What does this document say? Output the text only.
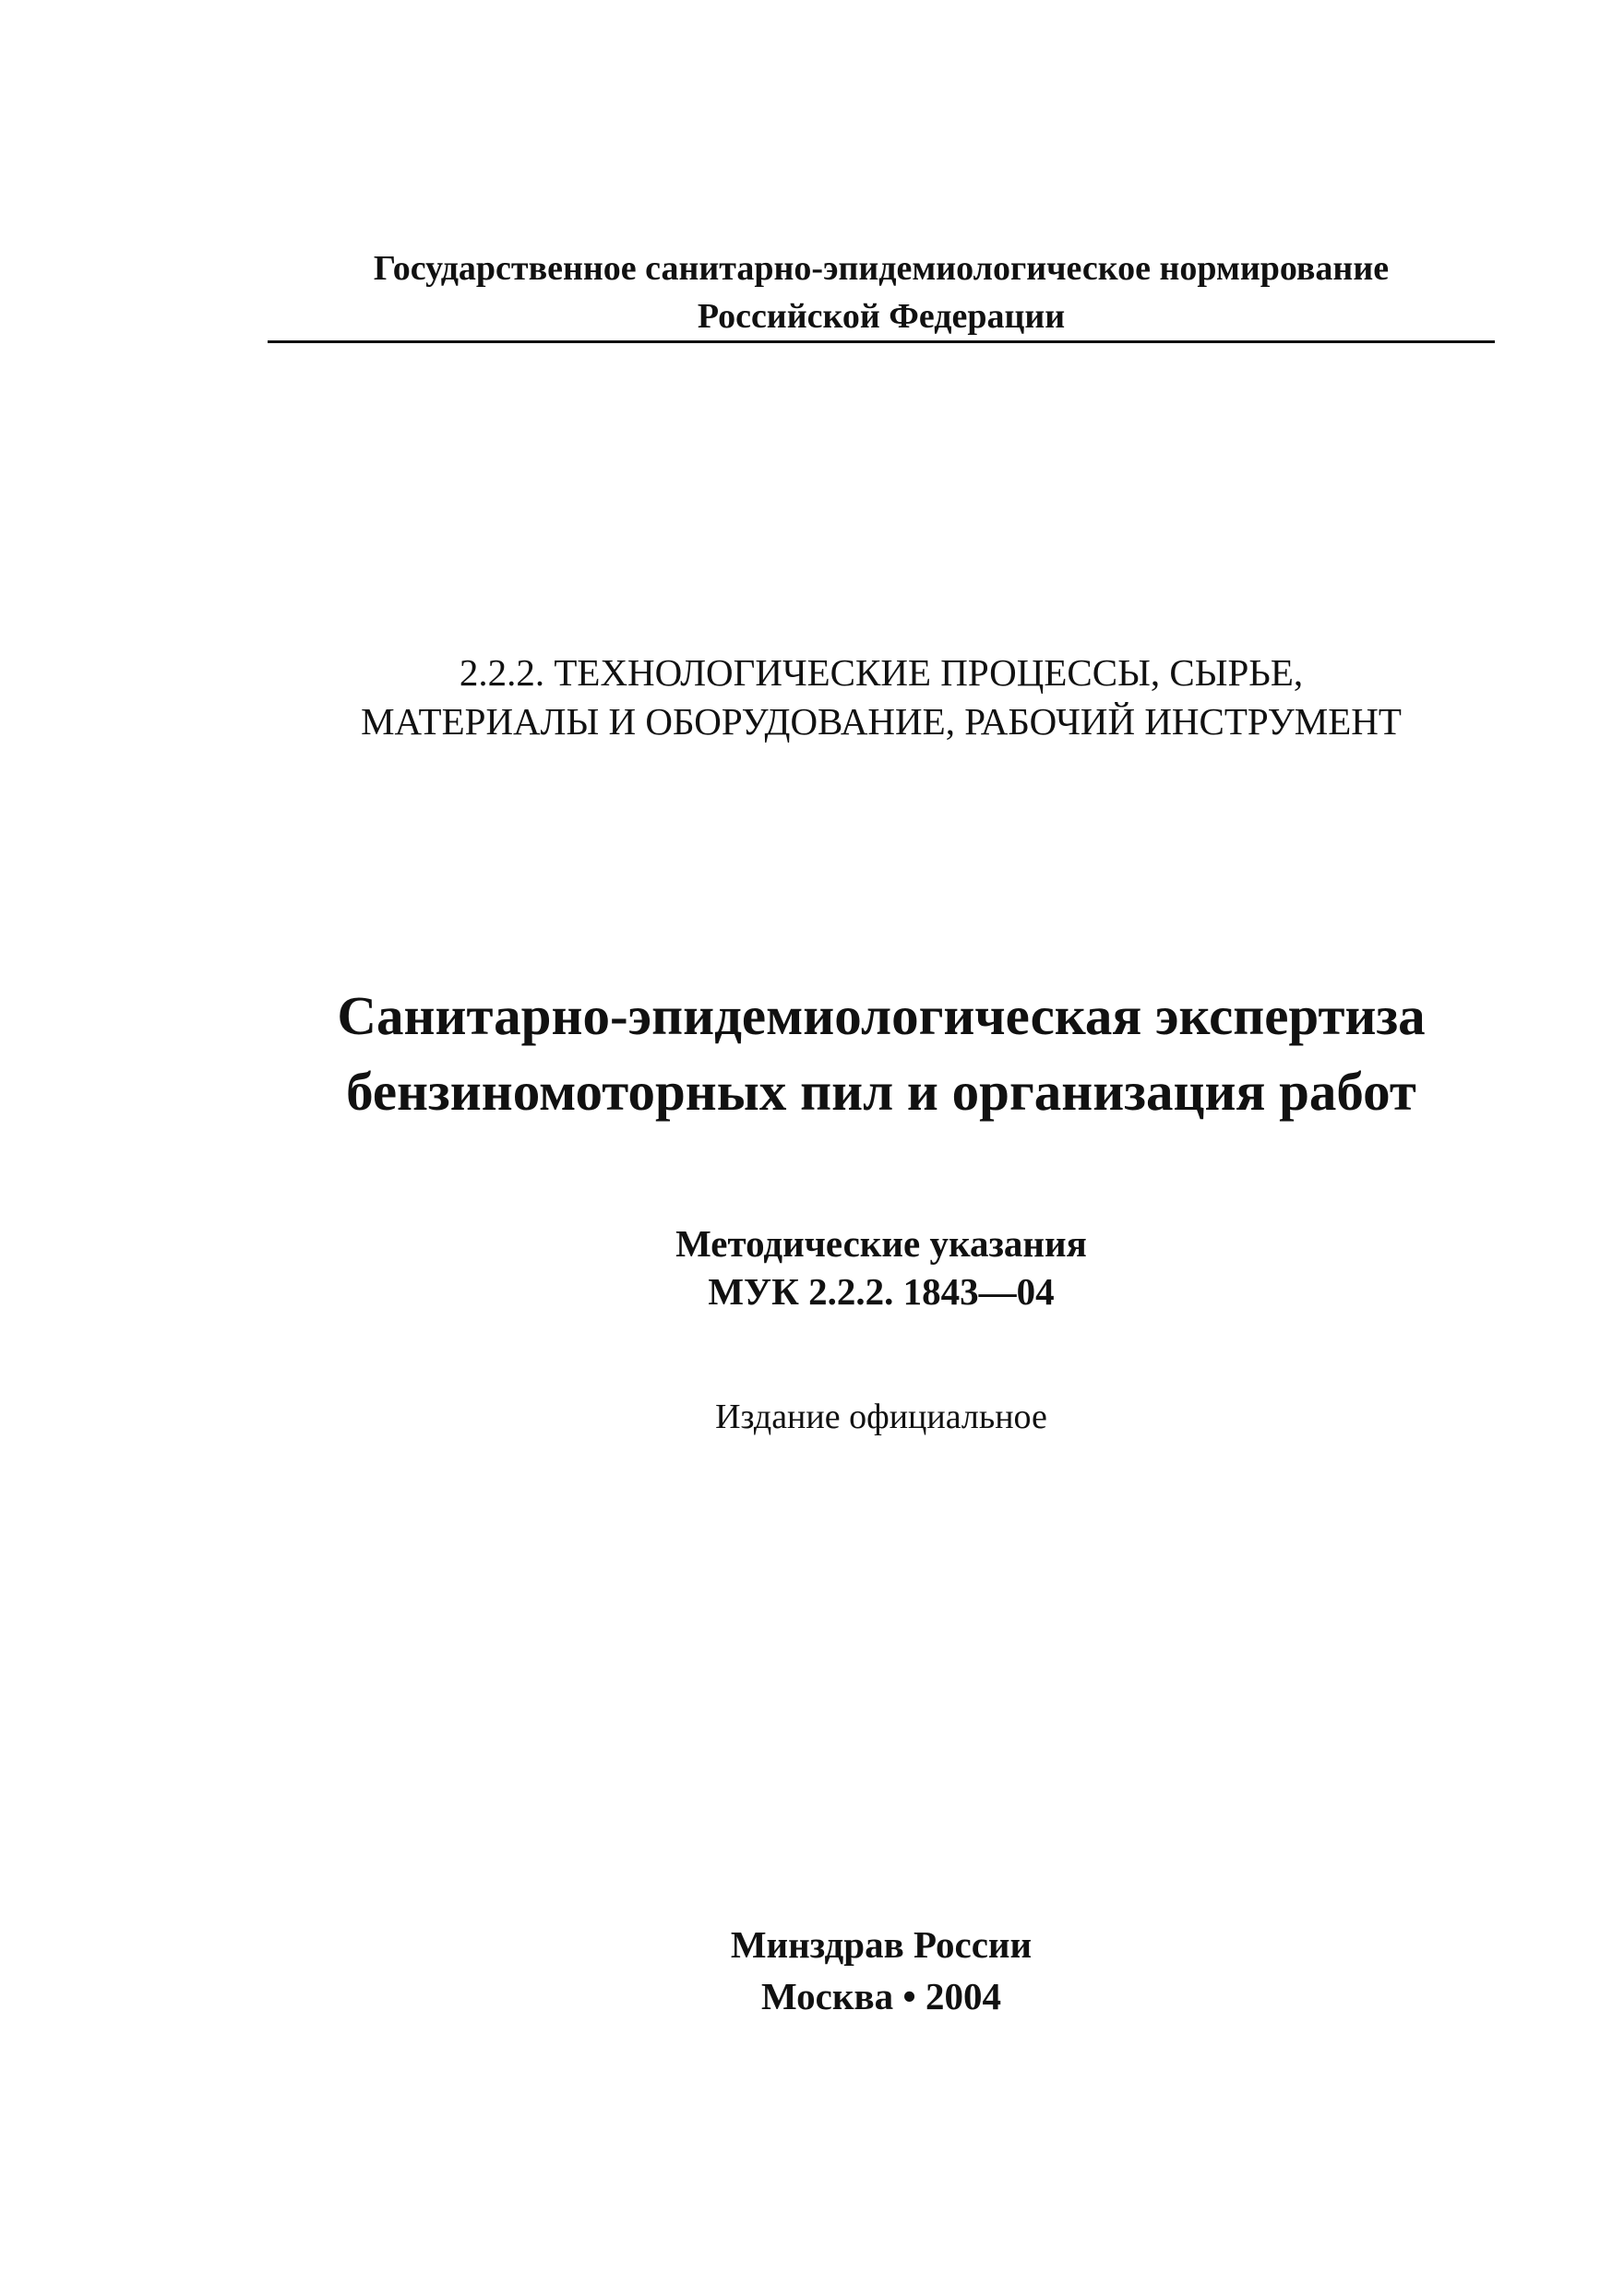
Государственное санитарно-эпидемиологическое нормирование
Российской Федерации
2.2.2. ТЕХНОЛОГИЧЕСКИЕ ПРОЦЕССЫ, СЫРЬЕ,
МАТЕРИАЛЫ И ОБОРУДОВАНИЕ, РАБОЧИЙ ИНСТРУМЕНТ
Санитарно-эпидемиологическая экспертиза
бензиномоторных пил и организация работ
Методические указания
МУК 2.2.2. 1843—04
Издание официальное
Минздрав России
Москва • 2004
